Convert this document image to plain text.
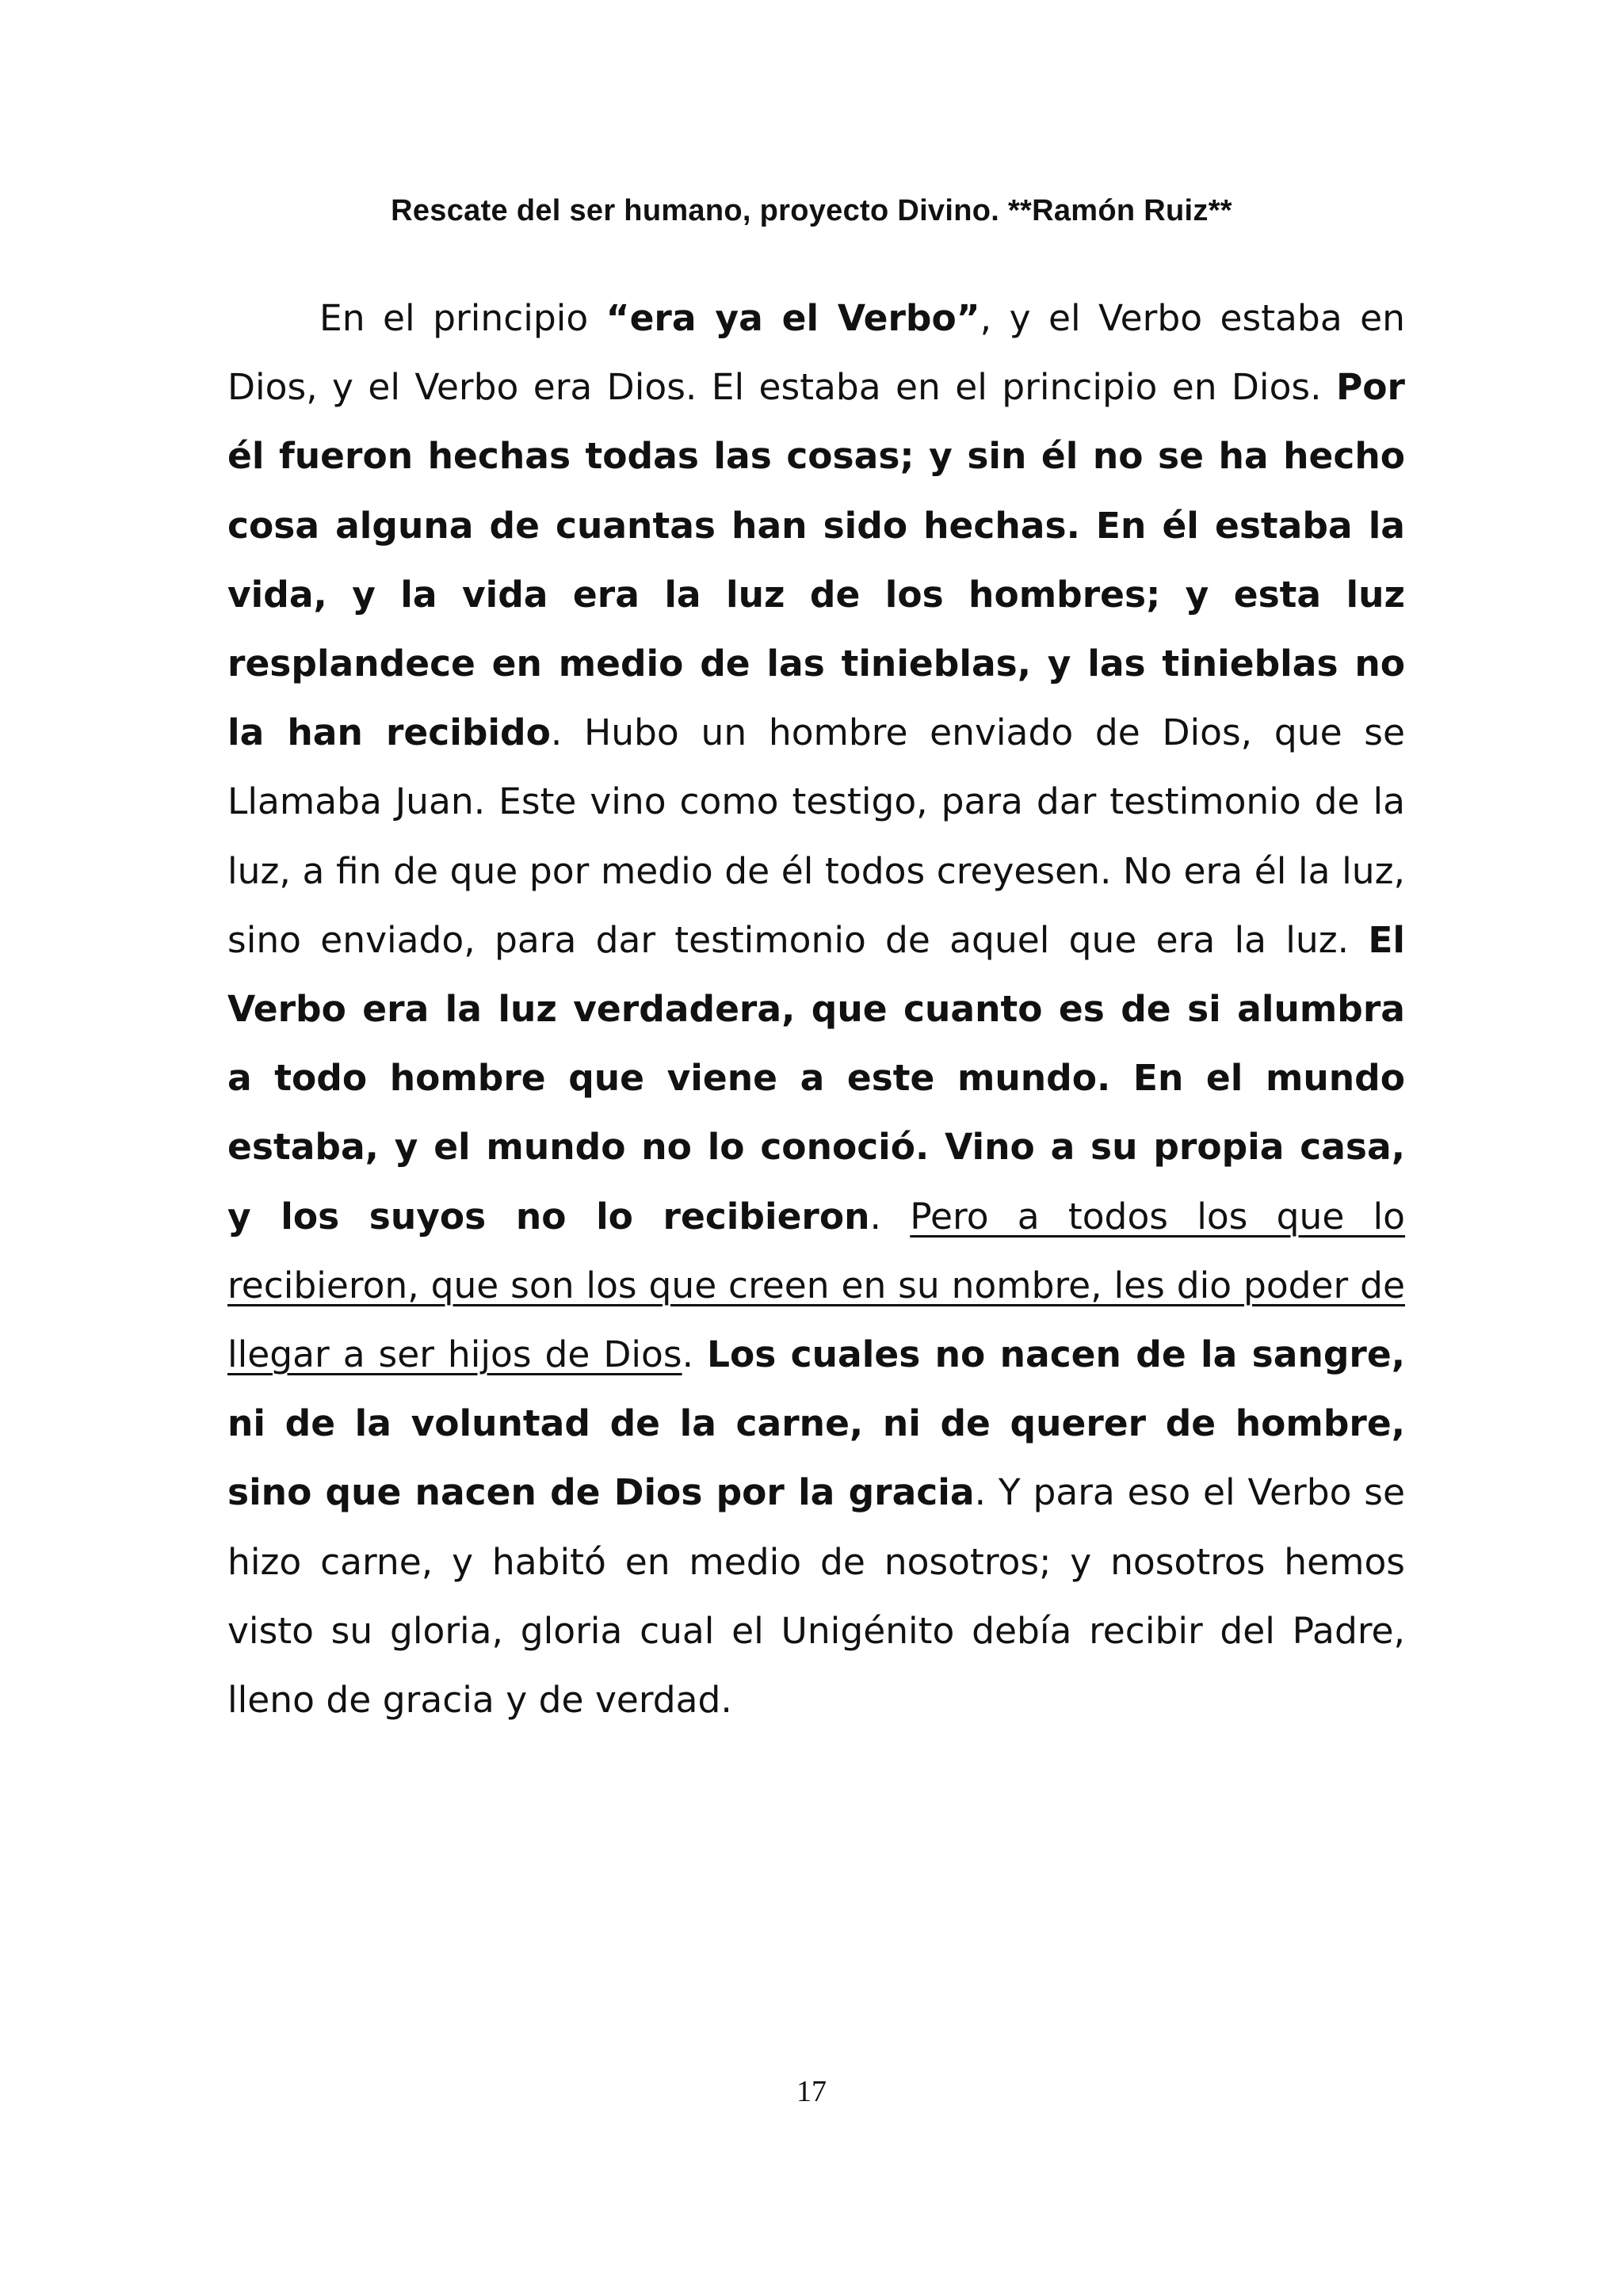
Rescate del ser humano, proyecto Divino. **Ramón Ruiz**

En el principio “era ya el Verbo”, y el Verbo estaba en Dios, y el Verbo era Dios. El estaba en el principio en Dios. Por él fueron hechas todas las cosas; y sin él no se ha hecho cosa alguna de cuantas han sido hechas. En él estaba la vida, y la vida era la luz de los hombres; y esta luz resplandece en medio de las tinieblas, y las tinieblas no la han recibido. Hubo un hombre enviado de Dios, que se Llamaba Juan. Este vino como testigo, para dar testimonio de la luz, a fin de que por medio de él todos creyesen. No era él la luz, sino enviado, para dar testimonio de aquel que era la luz. El Verbo era la luz verdadera, que cuanto es de si alumbra a todo hombre que viene a este mundo. En el mundo estaba, y el mundo no lo conoció. Vino a su propia casa, y los suyos no lo recibieron. Pero a todos los que lo recibieron, que son los que creen en su nombre, les dio poder de llegar a ser hijos de Dios. Los cuales no nacen de la sangre, ni de la voluntad de la carne, ni de querer de hombre, sino que nacen de Dios por la gracia. Y para eso el Verbo se hizo carne, y habitó en medio de nosotros; y nosotros hemos visto su gloria, gloria cual el Unigénito debía recibir del Padre, lleno de gracia y de verdad.

17
